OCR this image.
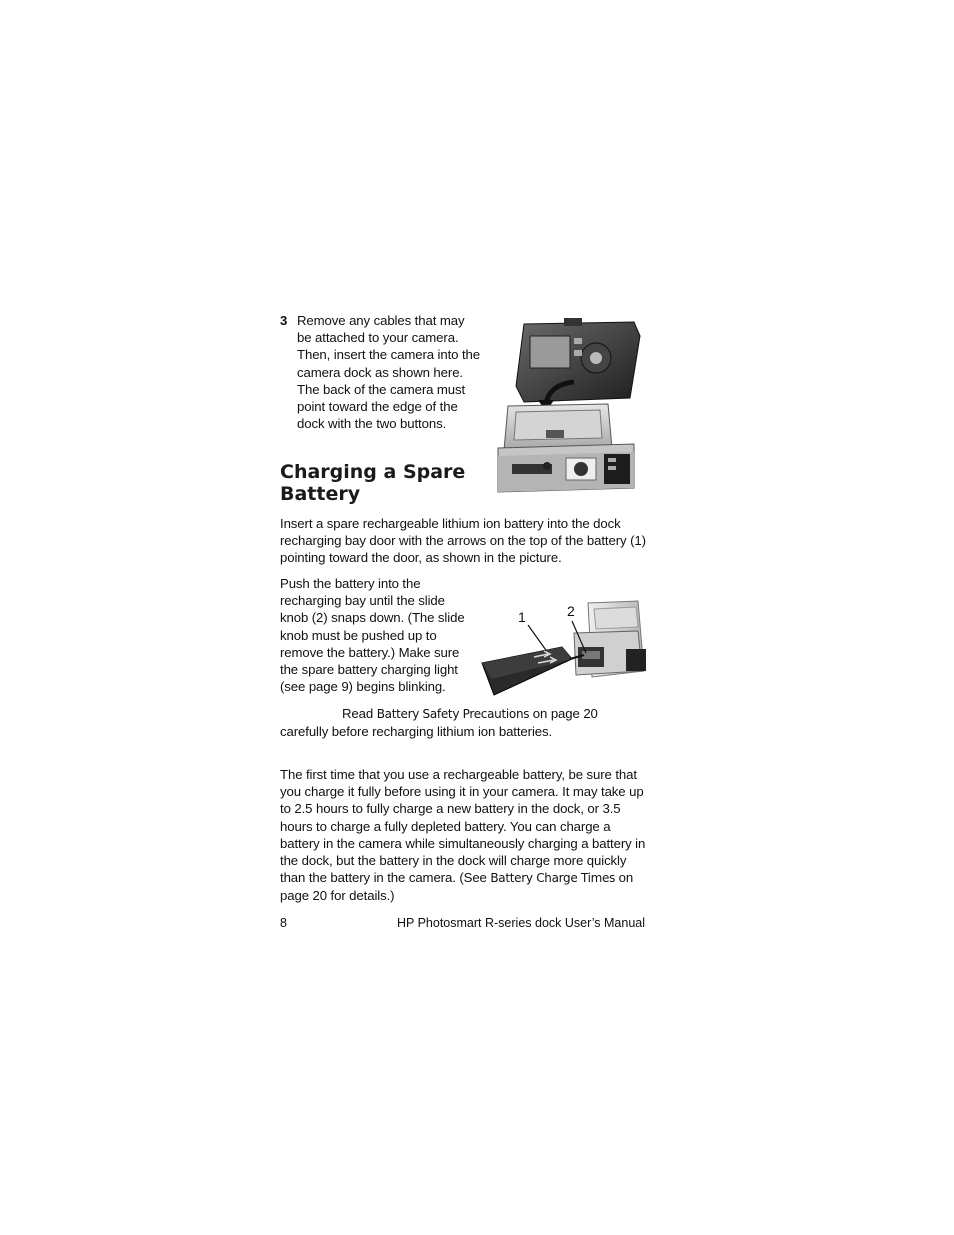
3 Remove any cables that may be attached to your camera. Then, insert the camera into the camera dock as shown here. The back of the camera must point toward the edge of the dock with the two buttons.
Charging a Spare Battery
Insert a spare rechargeable lithium ion battery into the dock recharging bay door with the arrows on the top of the battery (1) pointing toward the door, as shown in the picture.
Push the battery into the recharging bay until the slide knob (2) snaps down. (The slide knob must be pushed up to remove the battery.) Make sure the spare battery charging light (see page 9) begins blinking.
1	2
Read Battery Safety Precautions on page 20 carefully before recharging lithium ion batteries.
The first time that you use a rechargeable battery, be sure that you charge it fully before using it in your camera. It may take up to 2.5 hours to fully charge a new battery in the dock, or 3.5 hours to charge a fully depleted battery. You can charge a battery in the camera while simultaneously charging a battery in the dock, but the battery in the dock will charge more quickly than the battery in the camera. (See Battery Charge Times on page 20 for details.)
8	HP Photosmart R-series dock User’s Manual
